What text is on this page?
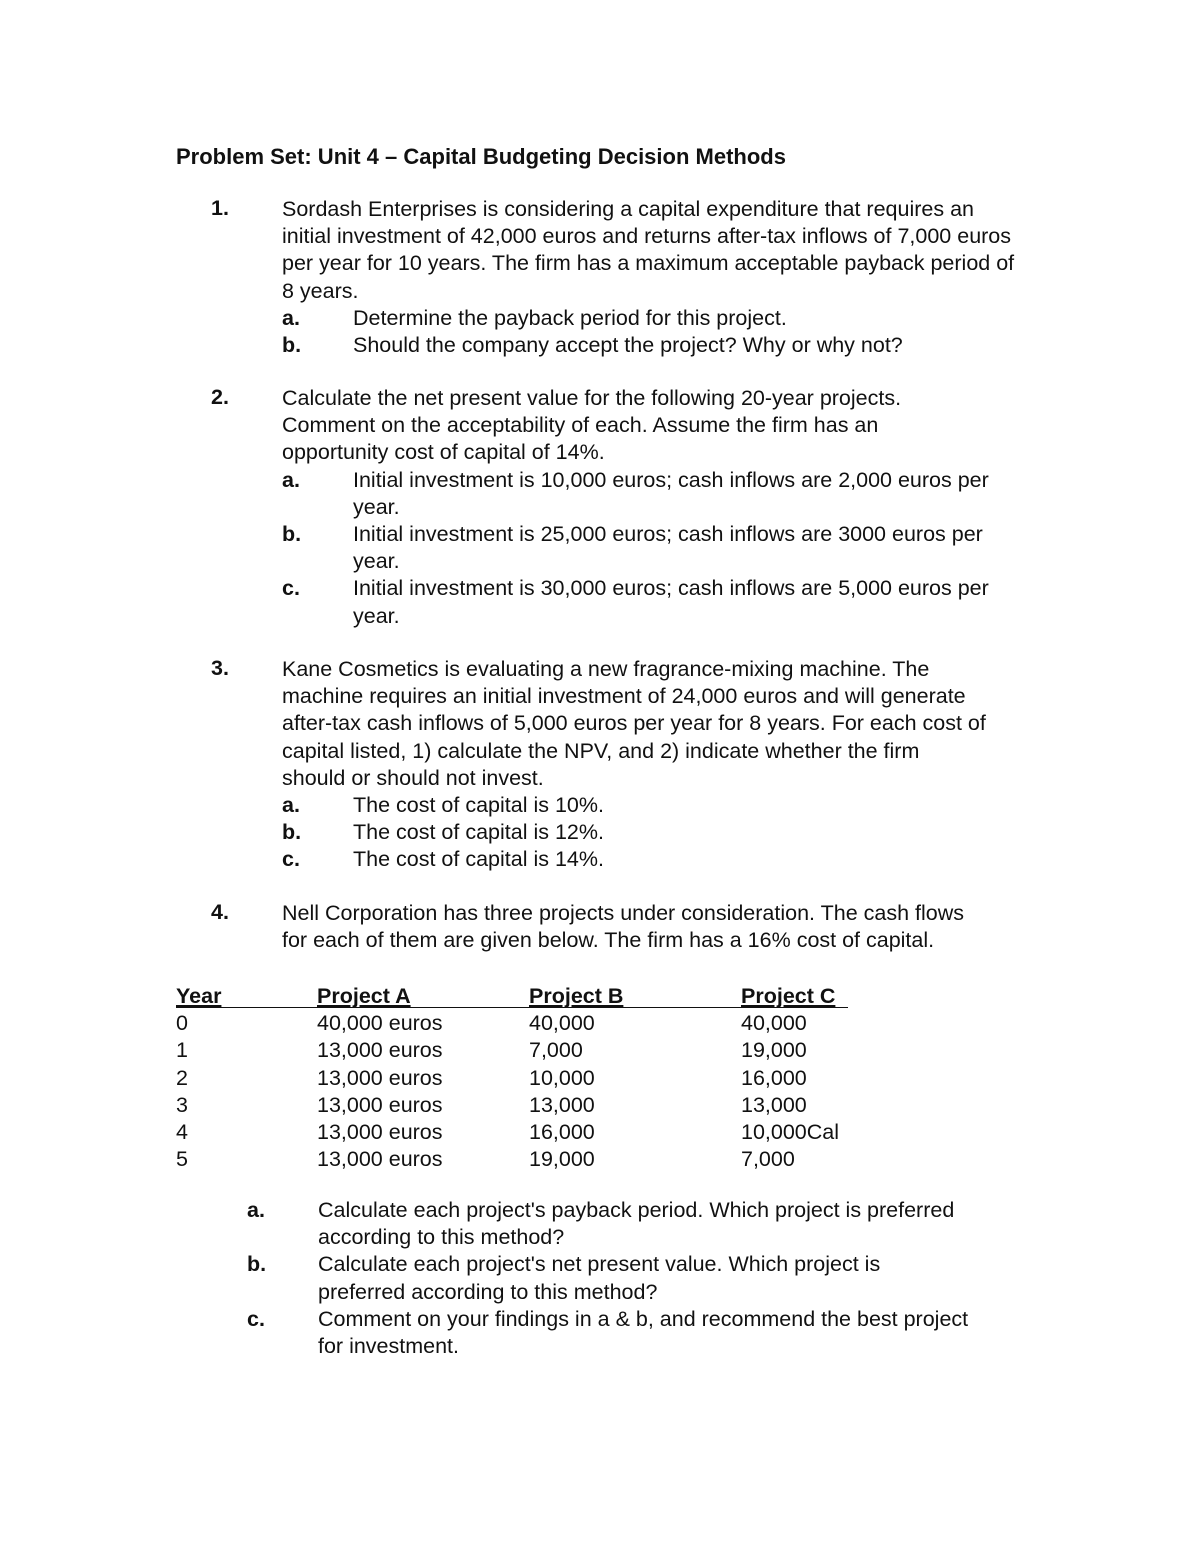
Problem Set: Unit 4 – Capital Budgeting Decision Methods
1. Sordash Enterprises is considering a capital expenditure that requires an initial investment of 42,000 euros and returns after-tax inflows of 7,000 euros per year for 10 years. The firm has a maximum acceptable payback period of 8 years.
a. Determine the payback period for this project.
b. Should the company accept the project? Why or why not?
2. Calculate the net present value for the following 20-year projects. Comment on the acceptability of each. Assume the firm has an opportunity cost of capital of 14%.
a. Initial investment is 10,000 euros; cash inflows are 2,000 euros per year.
b. Initial investment is 25,000 euros; cash inflows are 3000 euros per year.
c. Initial investment is 30,000 euros; cash inflows are 5,000 euros per year.
3. Kane Cosmetics is evaluating a new fragrance-mixing machine. The machine requires an initial investment of 24,000 euros and will generate after-tax cash inflows of 5,000 euros per year for 8 years. For each cost of capital listed, 1) calculate the NPV, and 2) indicate whether the firm should or should not invest.
a. The cost of capital is 10%.
b. The cost of capital is 12%.
c. The cost of capital is 14%.
4. Nell Corporation has three projects under consideration. The cash flows for each of them are given below. The firm has a 16% cost of capital.
Year	Project A	Project B	Project C
0	40,000 euros	40,000	40,000
1	13,000 euros	7,000	19,000
2	13,000 euros	10,000	16,000
3	13,000 euros	13,000	13,000
4	13,000 euros	16,000	10,000Cal
5	13,000 euros	19,000	7,000
a. Calculate each project's payback period. Which project is preferred according to this method?
b. Calculate each project's net present value. Which project is preferred according to this method?
c. Comment on your findings in a & b, and recommend the best project for investment.
